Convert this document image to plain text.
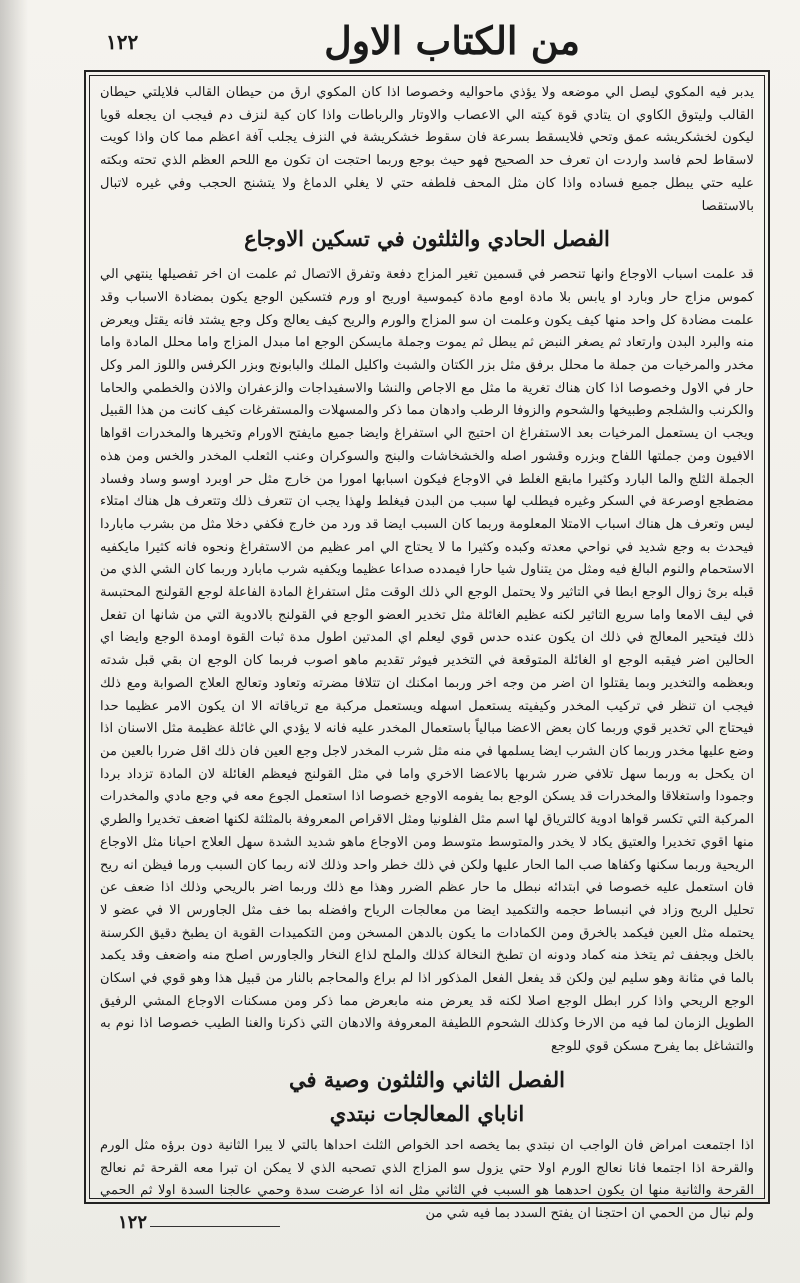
من الكتاب الاول
١٢٢

يدبر فيه المكوي ليصل الي موضعه ولا يؤذي ماحواليه وخصوصا اذا كان المكوي ارق من حيطان القالب فلايلتي حيطان القالب وليتوق الكاوي ان يتادي قوة كيته الي الاعصاب والاوتار والرباطات واذا كان كية لنزف دم فيجب ان يجعله قويا ليكون لخشكريشه عمق وتحي فلايسقط بسرعة فان سقوط خشكريشة في النزف يجلب آفة اعظم مما كان واذا كويت لاسقاط لحم فاسد واردت ان تعرف حد الصحيح فهو حيث بوجع وربما احتجت ان تكون مع اللحم العظم الذي تحته وبكته عليه حتي يبطل جميع فساده واذا كان مثل المحف فلطفه حتي لا يغلي الدماغ ولا يتشنج الحجب وفي غيره لاتبال بالاستقصا

الفصل الحادي والثلثون في تسكين الاوجاع

قد علمت اسباب الاوجاع وانها تنحصر في قسمين تغير المزاج دفعة وتفرق الاتصال ثم علمت ان اخر تفصيلها ينتهي الي كموس مزاج حار وبارد او يابس بلا مادة اومع مادة كيموسية اوريح او ورم فتسكين الوجع يكون بمضادة الاسباب وقد علمت مضادة كل واحد منها كيف يكون وعلمت ان سو المزاج والورم والريح كيف يعالج وكل وجع يشتد فانه يقتل ويعرض منه والبرد البدن وارتعاد ثم يصغر النبض ثم يبطل ثم يموت وجملة مايسكن الوجع اما مبدل المزاج واما محلل المادة واما مخدر والمرخيات من جملة ما محلل برفق مثل بزر الكتان والشبث واكليل الملك والبابونج وبزر الكرفس واللوز المر وكل حار في الاول وخصوصا اذا كان هناك تغرية ما مثل مع الاجاص والنشا والاسفيداجات والزعفران والاذن والخطمي والحاما والكرنب والشلجم وطبيخها والشحوم والزوفا الرطب وادهان مما ذكر والمسهلات والمستفرغات كيف كانت من هذا القبيل ويجب ان يستعمل المرخيات بعد الاستفراغ ان احتيج الي استفراغ وايضا جميع مايفتح الاورام وتخيرها والمخدرات اقواها الافيون ومن جملتها اللفاح وبزره وقشور اصله والخشخاشات والبنج والسوكران وعنب الثعلب المخدر والخس ومن هذه الجملة الثلج والما البارد وكثيرا مابقع الغلط في الاوجاع فيكون اسبابها امورا من خارج مثل حر اوبرد اوسو وساد وفساد مضطجع اوصرعة في السكر وغيره فيطلب لها سبب من البدن فيغلط ولهذا يجب ان تتعرف ذلك وتتعرف هل هناك امتلاء ليس وتعرف هل هناك اسباب الامتلا المعلومة وربما كان السبب ايضا قد ورد من خارج فكفي دخلا مثل من بشرب ماباردا فيحدث به وجع شديد في نواحي معدته وكبده وكثيرا ما لا يحتاج الي امر عظيم من الاستفراغ ونحوه فانه كثيرا مايكفيه الاستحمام والنوم البالغ فيه ومثل من يتناول شيا حارا فيمدده صداعا عظيما ويكفيه شرب مابارد وربما كان الشي الذي من قبله برئ زوال الوجع ابطا في التاثير ولا يحتمل الوجع الي ذلك الوقت مثل استفراغ المادة الفاعلة لوجع القولنج المحتبسة في ليف الامعا واما سريع التاثير لكنه عظيم الغائلة مثل تخدير العضو الوجع في القولنج بالادوية التي من شانها ان تفعل ذلك فيتحير المعالج في ذلك ان يكون عنده حدس قوي ليعلم اي المدتين اطول مدة ثبات القوة اومدة الوجع وايضا اي الحالين اضر فيقبه الوجع او الغائلة المتوقعة في التخدير فيوثر تقديم ماهو اصوب فربما كان الوجع ان بقي قبل شدته وبعظمه والتخدير وبما يقتلوا ان اضر من وجه اخر وربما امكنك ان تتلافا مضرته وتعاود وتعالج العلاج الصوابة ومع ذلك فيجب ان تنظر في تركيب المخدر وكيفيته يستعمل اسهله ويستعمل مركبة مع ترياقاته الا ان يكون الامر عظيما حدا فيحتاج الي تخدير قوي وربما كان بعض الاعضا مبالياً باستعمال المخدر عليه فانه لا يؤدي الي غائلة عظيمة مثل الاسنان اذا وضع عليها مخدر وربما كان الشرب ايضا يسلمها في منه مثل شرب المخدر لاجل وجع العين فان ذلك اقل ضررا بالعين من ان يكحل به وربما سهل تلافي ضرر شربها بالاعضا الاخري واما في مثل القولنج فيعظم الغائلة لان المادة تزداد بردا وجمودا واستغلاقا والمخدرات قد يسكن الوجع بما يفومه الاوجع خصوصا اذا استعمل الجوع معه في وجع مادي والمخدرات المركبة التي تكسر قواها ادوية كالترياق لها اسم مثل الفلونيا ومثل الاقراص المعروفة بالمثلثة لكنها اضعف تخديرا والطري منها اقوي تخديرا والعتيق يكاد لا يخدر والمتوسط متوسط ومن الاوجاع ماهو شديد الشدة سهل العلاج احيانا مثل الاوجاع الريحية وربما سكنها وكفاها صب الما الحار عليها ولكن في ذلك خطر واحد وذلك لانه ربما كان السبب ورما فيظن انه ريح فان استعمل عليه خصوصا في ابتدائه نبطل ما حار عظم الضرر وهذا مع ذلك وربما اضر بالريحي وذلك اذا ضعف عن تحليل الريح وزاد في انبساط حجمه والتكميد ايضا من معالجات الرياح وافضله بما خف مثل الجاورس الا في عضو لا يحتمله مثل العين فيكمد بالخرق ومن الكمادات ما يكون بالدهن المسخن ومن التكميدات القوية ان يطبخ دقيق الكرسنة بالخل ويجفف ثم يتخذ منه كماد ودونه ان تطبخ النخالة كذلك والملح لذاع النخار والجاورس اصلح منه واضعف وقد يكمد بالما في مثانة وهو سليم لين ولكن قد يفعل الفعل المذكور اذا لم براع والمحاجم بالنار من قبيل هذا وهو قوي في اسكان الوجع الريحي واذا كرر ابطل الوجع اصلا لكنه قد يعرض منه مابعرض مما ذكر ومن مسكنات الاوجاع المشي الرفيق الطويل الزمان لما فيه من الارخا وكذلك الشحوم اللطيفة المعروفة والادهان التي ذكرنا والغنا الطيب خصوصا اذا نوم به والتشاغل بما يفرح مسكن قوي للوجع

الفصل الثاني والثلثون وصية في
اناباي المعالجات نبتدي

اذا اجتمعت امراض فان الواجب ان نبتدي بما يخصه احد الخواص الثلث احداها بالتي لا يبرا الثانية دون برؤه مثل الورم والقرحة اذا اجتمعا فانا نعالج الورم اولا حتي يزول سو المزاج الذي تصحبه الذي لا يمكن ان تبرا معه القرحة ثم نعالج القرحة والثانية منها ان يكون احدهما هو السبب في الثاني مثل انه اذا عرضت سدة وحمي عالجنا السدة اولا ثم الحمي ولم نبال من الحمي ان احتجنا ان يفتح السدد بما فيه شي من

١٢٢
